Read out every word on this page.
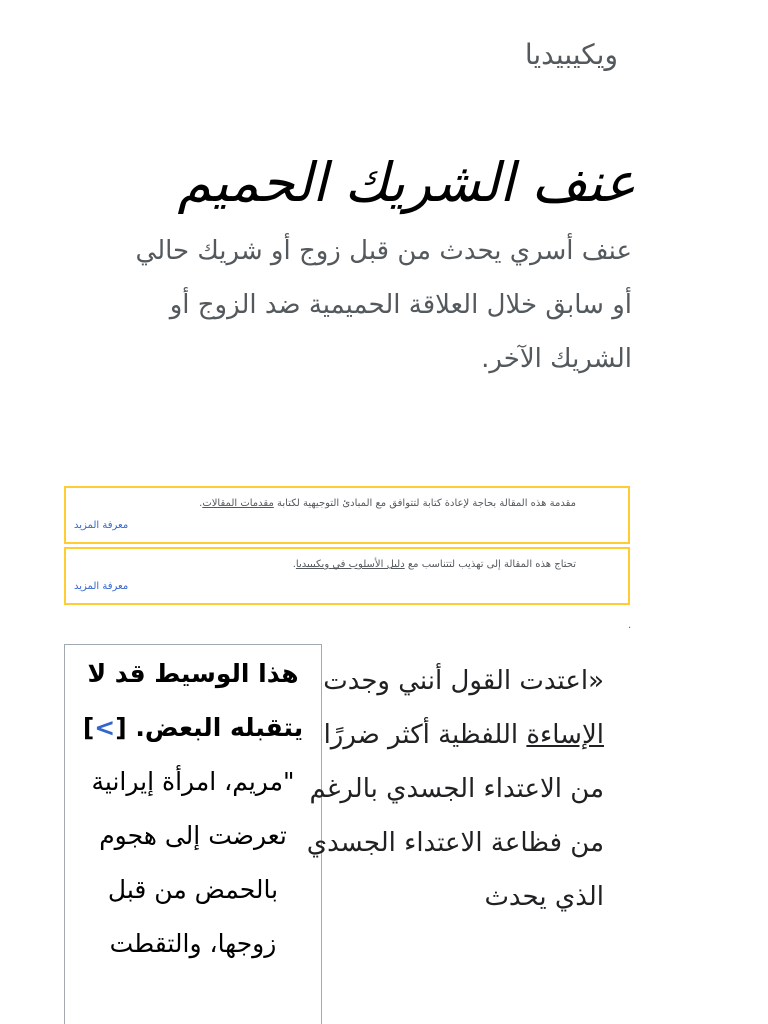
ويكيبيديا
عنف الشريك الحميم
عنف أسري يحدث من قبل زوج أو شريك حالي أو سابق خلال العلاقة الحميمية ضد الزوج أو الشريك الآخر.
مقدمة هذه المقالة بحاجة لإعادة كتابة لتتوافق مع المبادئ التوجيهية لكتابة مقدمات المقالات.
معرفة المزيد
تحتاج هذه المقالة إلى تهذيب لتتناسب مع دليل الأسلوب في ويكيبيديا.
معرفة المزيد
.
هذا الوسيط قد لا يتقبله البعض. [>]
"مريم، امرأة إيرانية تعرضت إلى هجوم بالحمض من قبل زوجها، والتقطت
«اعتدت القول أنني وجدت الإساءة اللفظية أكثر ضررًا من الاعتداء الجسدي بالرغم من فظاعة الاعتداء الجسدي الذي يحدث
